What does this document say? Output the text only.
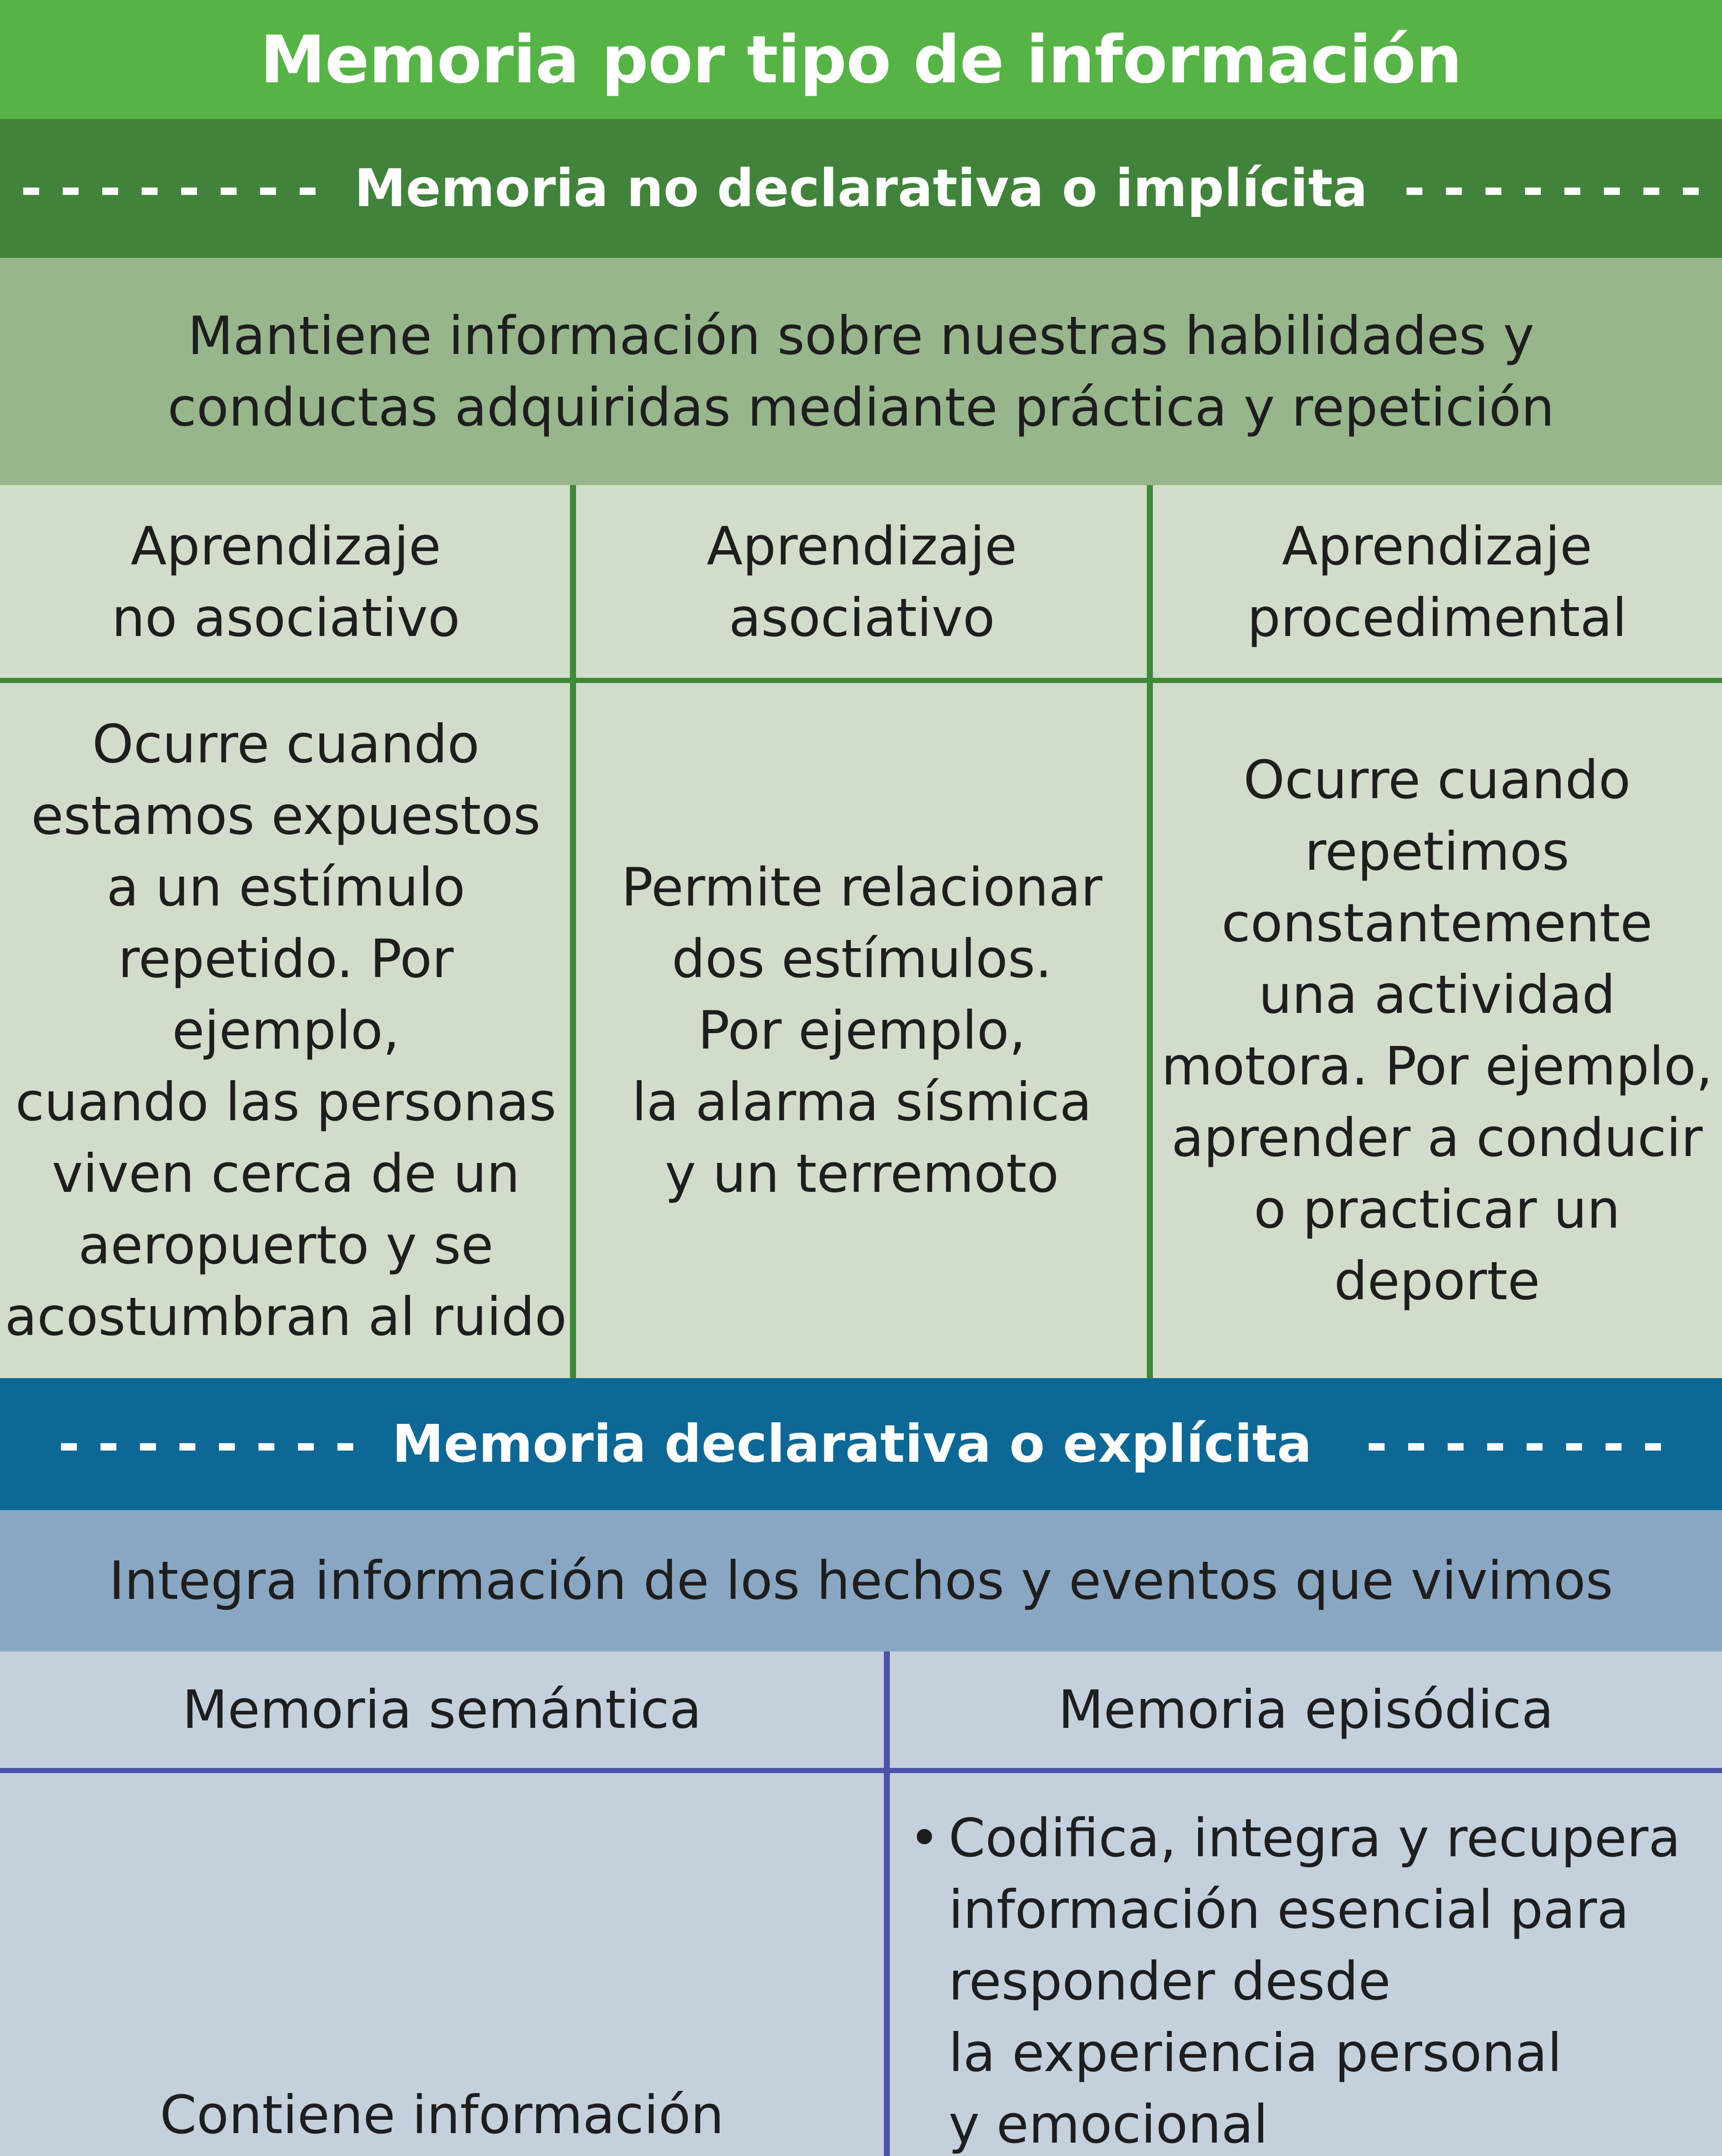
Memoria por tipo de información
- - - - - - - -  Memoria no declarativa o implícita  - - - - - - - -
Mantiene información sobre nuestras habilidades y conductas adquiridas mediante práctica y repetición
Aprendizaje
no asociativo
Aprendizaje
asociativo
Aprendizaje
procedimental
Ocurre cuando
estamos expuestos
a un estímulo
repetido. Por ejemplo,
cuando las personas
viven cerca de un
aeropuerto y se
acostumbran al ruido
Permite relacionar
dos estímulos.
Por ejemplo,
la alarma sísmica
y un terremoto
Ocurre cuando
repetimos
constantemente
una actividad
motora. Por ejemplo,
aprender a conducir
o practicar un
deporte
- - - - - - - -  Memoria declarativa o explícita   - - - - - - - -
Integra información de los hechos y eventos que vivimos
Memoria semántica	Memoria episódica
Contiene información

• Codifica, integra y recupera
información esencial para
responder desde
la experiencia personal
y emocional
